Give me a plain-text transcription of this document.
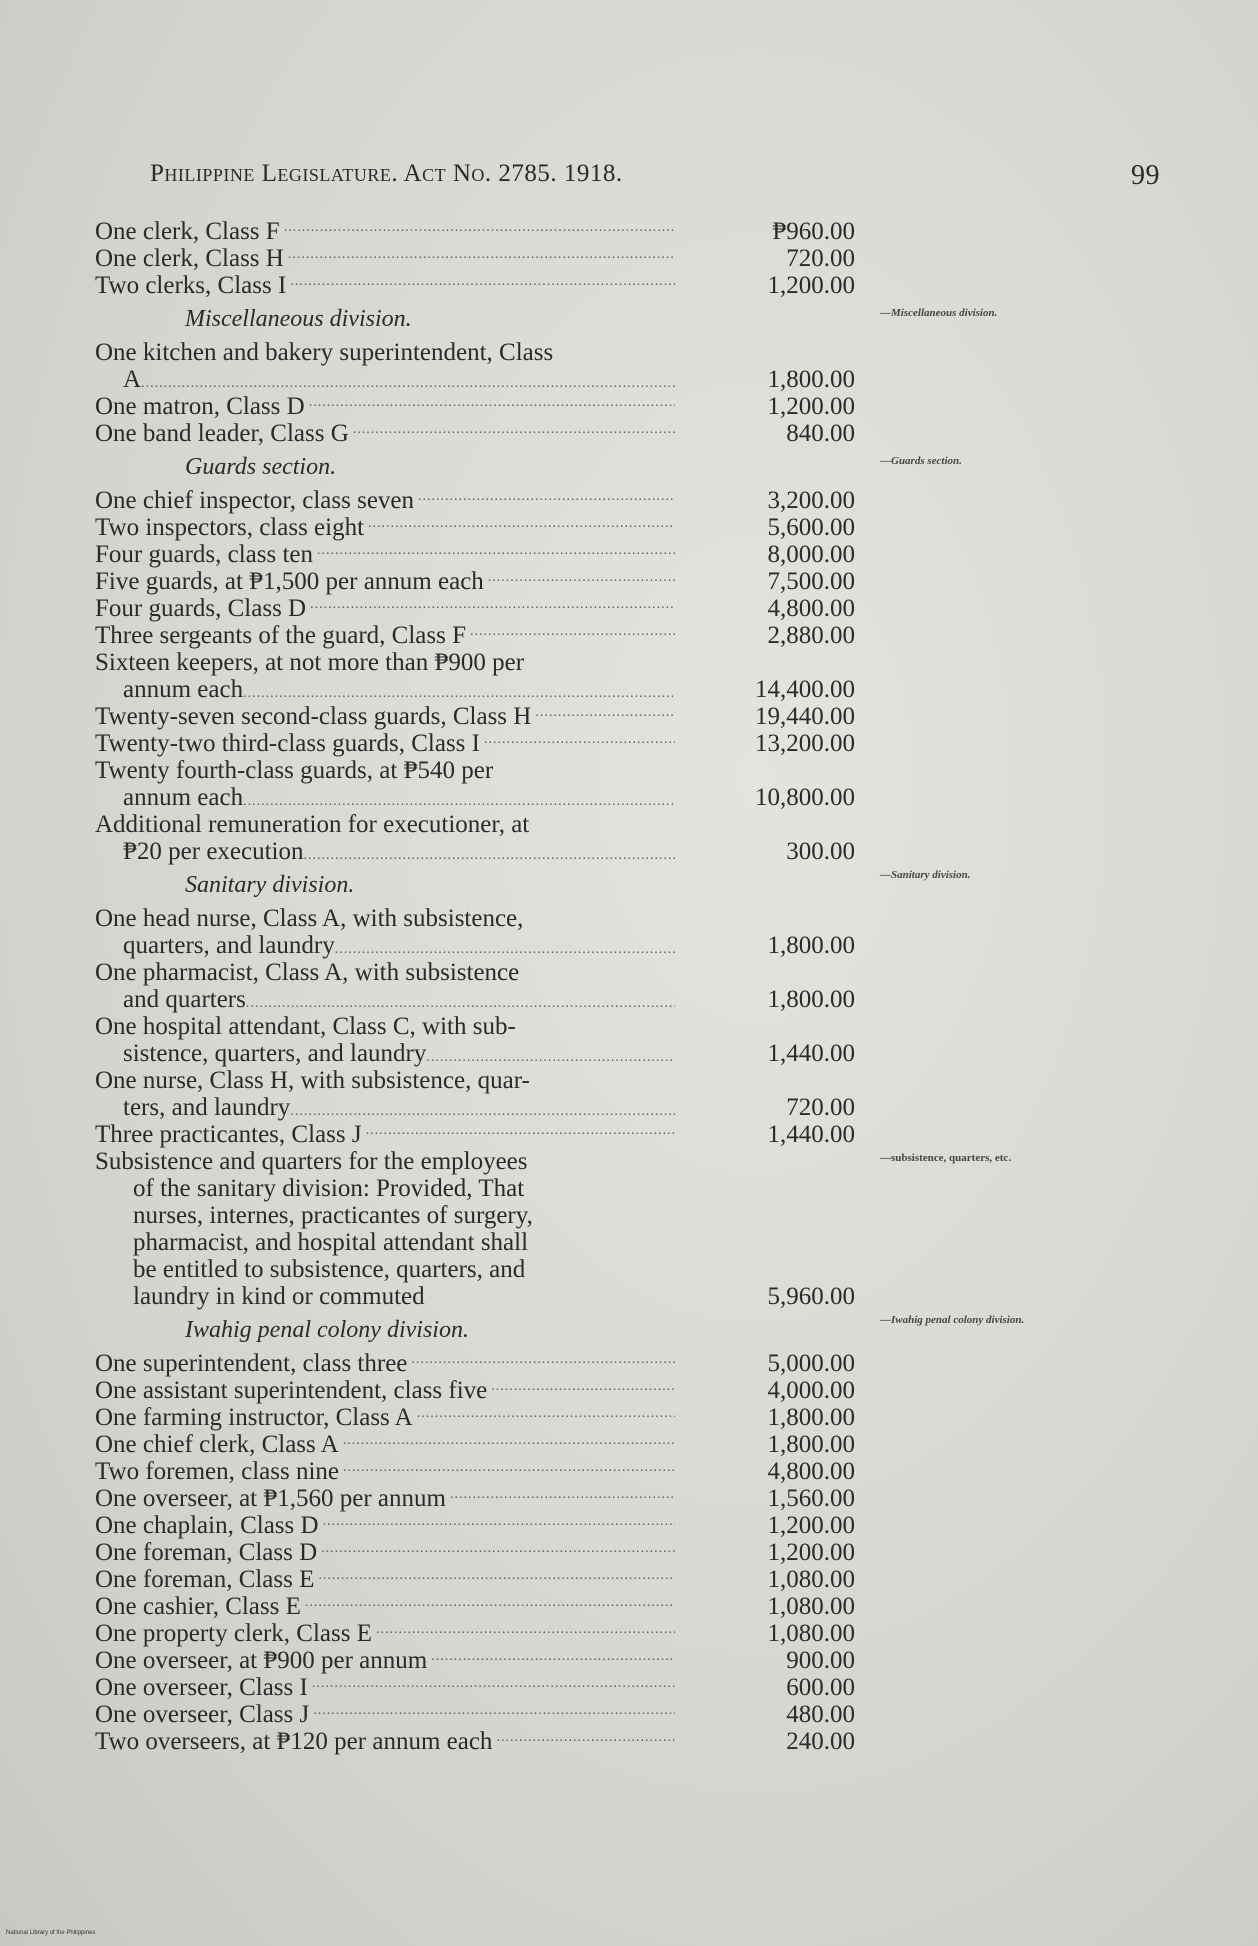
Philippine Legislature. Act No. 2785. 1918.	99
One clerk, Class F .....	₱960.00
One clerk, Class H .....	720.00
Two clerks, Class I .....	1,200.00
Miscellaneous division.	—Miscellaneous division.
One kitchen and bakery superintendent, Class
A .....	1,800.00
One matron, Class D .....	1,200.00
One band leader, Class G .....	840.00
Guards section.	—Guards section.
One chief inspector, class seven .....	3,200.00
Two inspectors, class eight .....	5,600.00
Four guards, class ten .....	8,000.00
Five guards, at ₱1,500 per annum each .....	7,500.00
Four guards, Class D .....	4,800.00
Three sergeants of the guard, Class F .....	2,880.00
Sixteen keepers, at not more than ₱900 per
annum each .....	14,400.00
Twenty-seven second-class guards, Class H .....	19,440.00
Twenty-two third-class guards, Class I .....	13,200.00
Twenty fourth-class guards, at ₱540 per
annum each .....	10,800.00
Additional remuneration for executioner, at
₱20 per execution .....	300.00
Sanitary division.	—Sanitary division.
One head nurse, Class A, with subsistence,
quarters, and laundry .....	1,800.00
One pharmacist, Class A, with subsistence
and quarters .....	1,800.00
One hospital attendant, Class C, with sub-
sistence, quarters, and laundry .....	1,440.00
One nurse, Class H, with subsistence, quar-
ters, and laundry .....	720.00
Three practicantes, Class J .....	1,440.00
—subsistence, quarters, etc.
Subsistence and quarters for the employees
of the sanitary division: Provided, That
nurses, internes, practicantes of surgery,
pharmacist, and hospital attendant shall
be entitled to subsistence, quarters, and
laundry in kind or commuted	5,960.00
Iwahig penal colony division.	—Iwahig penal colony division.
One superintendent, class three .....	5,000.00
One assistant superintendent, class five .....	4,000.00
One farming instructor, Class A .....	1,800.00
One chief clerk, Class A .....	1,800.00
Two foremen, class nine .....	4,800.00
One overseer, at ₱1,560 per annum .....	1,560.00
One chaplain, Class D .....	1,200.00
One foreman, Class D .....	1,200.00
One foreman, Class E .....	1,080.00
One cashier, Class E .....	1,080.00
One property clerk, Class E .....	1,080.00
One overseer, at ₱900 per annum .....	900.00
One overseer, Class I .....	600.00
One overseer, Class J .....	480.00
Two overseers, at ₱120 per annum each .....	240.00
National Library of the Philippines
